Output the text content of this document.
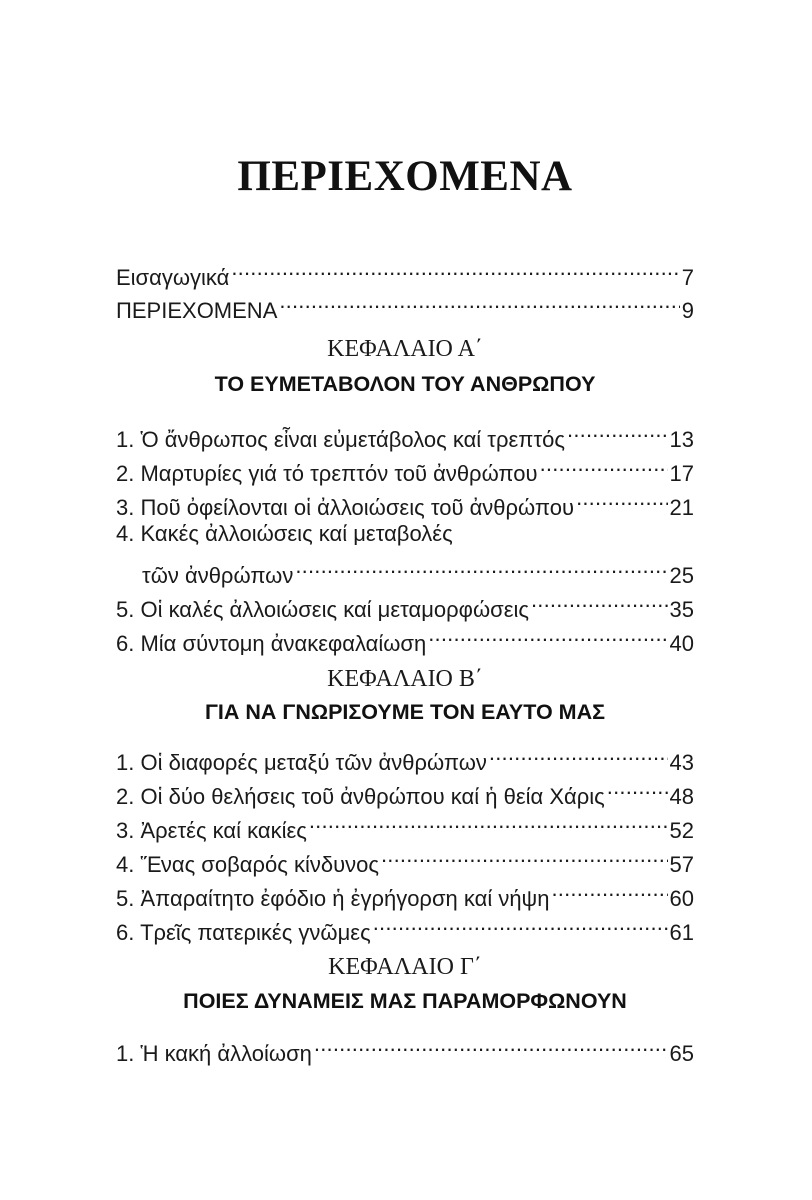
ΠΕΡΙΕΧΟΜΕΝΑ
Εισαγωγικά .....	7
ΠΕΡΙΕΧΟΜΕΝΑ .....	9
ΚΕΦΑΛΑΙΟ Α΄
ΤΟ ΕΥΜΕΤΑΒΟΛΟΝ ΤΟΥ ΑΝΘΡΩΠΟΥ
1. Ὁ ἄνθρωπος εἶναι εὐμετάβολος καί τρεπτός .....	13
2. Μαρτυρίες γιά τό τρεπτόν τοῦ ἀνθρώπου .....	17
3. Ποῦ ὀφείλονται οἱ ἀλλοιώσεις τοῦ ἀνθρώπου .....	21
4. Κακές ἀλλοιώσεις καί μεταβολές
τῶν ἀνθρώπων .....	25
5. Οἱ καλές ἀλλοιώσεις καί μεταμορφώσεις .....	35
6. Μία σύντομη ἀνακεφαλαίωση .....	40
ΚΕΦΑΛΑΙΟ Β΄
ΓΙΑ ΝΑ ΓΝΩΡΙΣΟΥΜΕ ΤΟΝ ΕΑΥΤΟ ΜΑΣ
1. Οἱ διαφορές μεταξύ τῶν ἀνθρώπων .....	43
2. Οἱ δύο θελήσεις τοῦ ἀνθρώπου καί ἡ θεία Χάρις .....	48
3. Ἀρετές καί κακίες .....	52
4. Ἕνας σοβαρός κίνδυνος .....	57
5. Ἀπαραίτητο ἐφόδιο ἡ ἐγρήγορση καί νήψη .....	60
6. Τρεῖς πατερικές γνῶμες .....	61
ΚΕΦΑΛΑΙΟ Γ΄
ΠΟΙΕΣ ΔΥΝΑΜΕΙΣ ΜΑΣ ΠΑΡΑΜΟΡΦΩΝΟΥΝ
1. Ἡ κακή ἀλλοίωση .....	65
